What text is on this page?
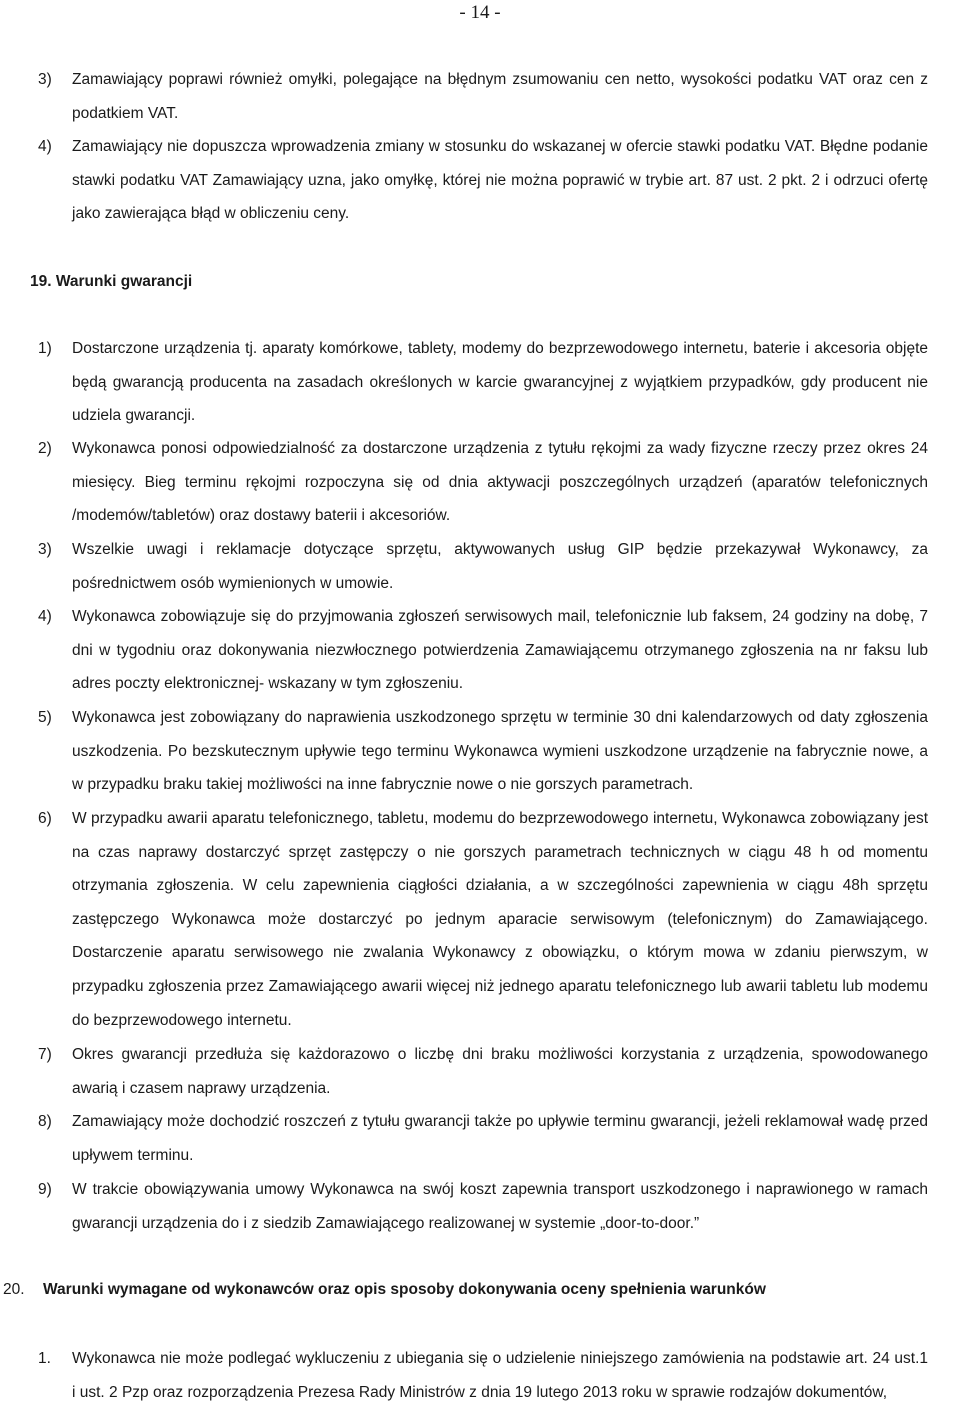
- 14 -
3)	Zamawiający poprawi również omyłki, polegające na błędnym zsumowaniu cen netto, wysokości podatku VAT oraz cen z podatkiem VAT.
4)	Zamawiający nie dopuszcza wprowadzenia zmiany w stosunku do wskazanej w ofercie stawki podatku VAT. Błędne podanie stawki podatku VAT Zamawiający uzna, jako omyłkę, której nie można poprawić w trybie art. 87 ust. 2 pkt. 2 i odrzuci ofertę jako zawierająca błąd w obliczeniu ceny.
19. Warunki gwarancji
1)	Dostarczone urządzenia tj. aparaty komórkowe, tablety, modemy do bezprzewodowego internetu, baterie i akcesoria objęte będą gwarancją producenta na zasadach określonych w karcie gwarancyjnej z wyjątkiem przypadków, gdy producent nie udziela gwarancji.
2)	Wykonawca ponosi odpowiedzialność za dostarczone urządzenia z tytułu rękojmi za wady fizyczne rzeczy przez okres 24 miesięcy. Bieg terminu rękojmi rozpoczyna się od dnia aktywacji poszczególnych urządzeń (aparatów telefonicznych /modemów/tabletów) oraz dostawy baterii i akcesoriów.
3)	Wszelkie uwagi i reklamacje dotyczące sprzętu, aktywowanych usług GIP będzie przekazywał Wykonawcy, za pośrednictwem osób wymienionych w umowie.
4)	Wykonawca zobowiązuje się do przyjmowania zgłoszeń serwisowych mail, telefonicznie lub faksem, 24 godziny na dobę, 7 dni w tygodniu oraz dokonywania niezwłocznego potwierdzenia Zamawiającemu otrzymanego zgłoszenia na nr faksu lub adres poczty elektronicznej- wskazany w tym zgłoszeniu.
5)	Wykonawca jest zobowiązany do naprawienia uszkodzonego sprzętu w terminie 30 dni kalendarzowych od daty zgłoszenia uszkodzenia. Po bezskutecznym upływie tego terminu Wykonawca wymieni uszkodzone urządzenie na fabrycznie nowe, a w przypadku braku takiej możliwości na inne fabrycznie nowe o nie gorszych parametrach.
6)	W przypadku awarii aparatu telefonicznego, tabletu, modemu do bezprzewodowego internetu, Wykonawca zobowiązany jest na czas naprawy dostarczyć sprzęt zastępczy o nie gorszych parametrach technicznych w ciągu 48 h od momentu otrzymania zgłoszenia. W celu zapewnienia ciągłości działania, a w szczególności zapewnienia w ciągu 48h sprzętu zastępczego Wykonawca może dostarczyć po jednym aparacie serwisowym (telefonicznym) do Zamawiającego. Dostarczenie aparatu serwisowego nie zwalania Wykonawcy z obowiązku, o którym mowa w zdaniu pierwszym, w przypadku zgłoszenia przez Zamawiającego awarii więcej niż jednego aparatu telefonicznego lub awarii tabletu lub modemu do bezprzewodowego internetu.
7)	Okres gwarancji przedłuża się każdorazowo o liczbę dni braku możliwości korzystania z urządzenia, spowodowanego awarią i czasem naprawy urządzenia.
8)	Zamawiający może dochodzić roszczeń z tytułu gwarancji także po upływie terminu gwarancji, jeżeli reklamował wadę przed upływem terminu.
9)	W trakcie obowiązywania umowy Wykonawca na swój koszt zapewnia transport uszkodzonego i naprawionego w ramach gwarancji urządzenia do i z siedzib Zamawiającego realizowanej w systemie „door-to-door.”
20.	Warunki wymagane od wykonawców oraz opis sposoby dokonywania oceny spełnienia warunków
1.	Wykonawca nie może podlegać wykluczeniu z ubiegania się o udzielenie niniejszego zamówienia na podstawie art. 24 ust.1 i ust. 2 Pzp oraz rozporządzenia Prezesa Rady Ministrów z dnia 19 lutego 2013 roku w sprawie rodzajów dokumentów,
